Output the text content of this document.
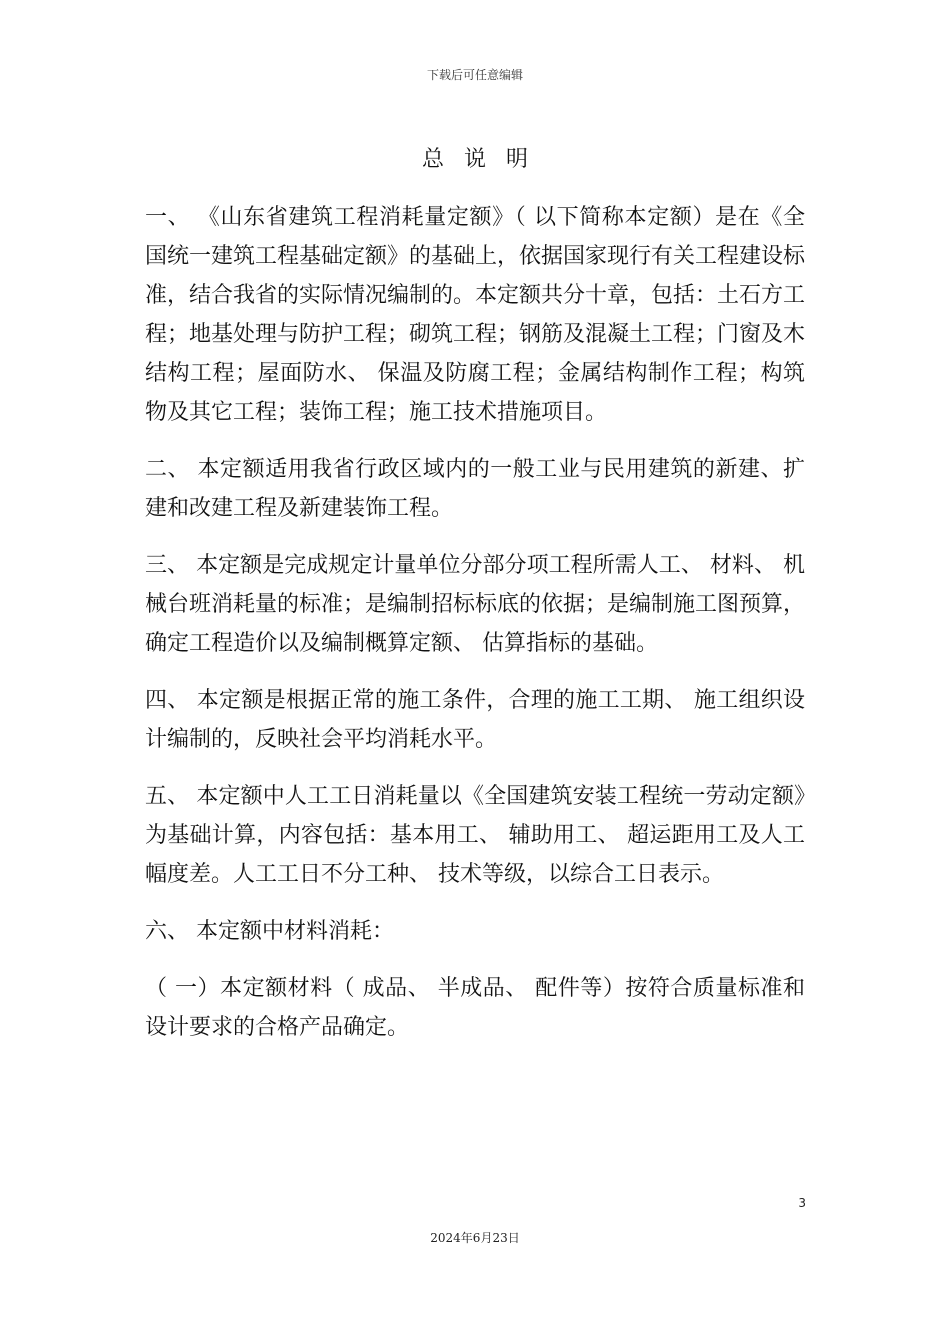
下载后可任意编辑
总说明

一、 《山东省建筑工程消耗量定额》（ 以下简称本定额）是在《全国统一建筑工程基础定额》的基础上，依据国家现行有关工程建设标准，结合我省的实际情况编制的。本定额共分十章，包括：土石方工程；地基处理与防护工程；砌筑工程；钢筋及混凝土工程；门窗及木结构工程；屋面防水、 保温及防腐工程；金属结构制作工程；构筑物及其它工程；装饰工程；施工技术措施项目。

二、 本定额适用我省行政区域内的一般工业与民用建筑的新建、扩建和改建工程及新建装饰工程。

三、 本定额是完成规定计量单位分部分项工程所需人工、 材料、 机械台班消耗量的标准；是编制招标标底的依据；是编制施工图预算，确定工程造价以及编制概算定额、 估算指标的基础。

四、 本定额是根据正常的施工条件，合理的施工工期、 施工组织设计编制的，反映社会平均消耗水平。

五、 本定额中人工工日消耗量以《全国建筑安装工程统一劳动定额》为基础计算，内容包括：基本用工、 辅助用工、 超运距用工及人工幅度差。人工工日不分工种、 技术等级，以综合工日表示。

六、 本定额中材料消耗：

（ 一）本定额材料（ 成品、 半成品、 配件等）按符合质量标准和设计要求的合格产品确定。

3
2024年6月23日
